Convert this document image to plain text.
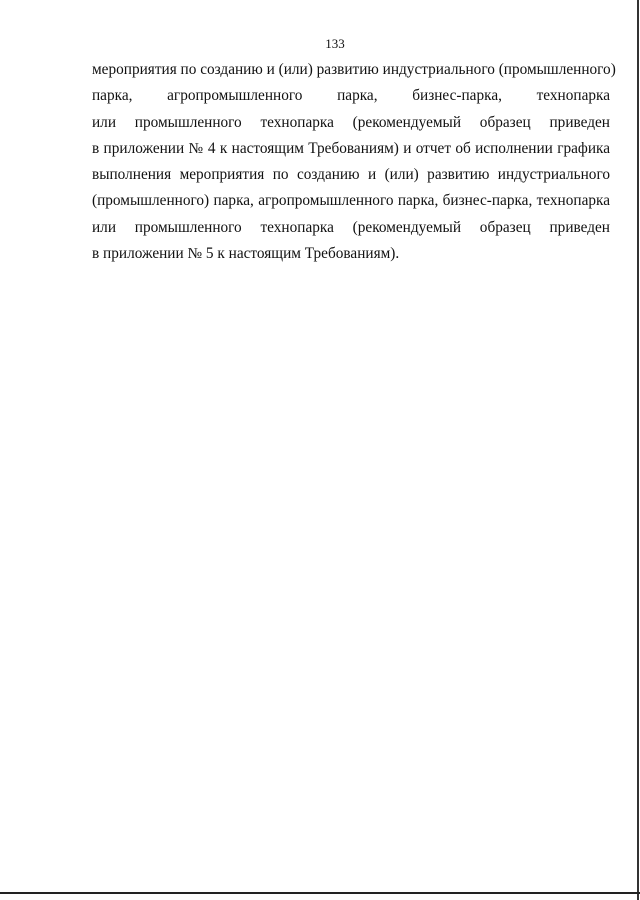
133
мероприятия по созданию и (или) развитию индустриального (промышленного)
парка, агропромышленного парка, бизнес-парка, технопарка
или промышленного технопарка (рекомендуемый образец приведен
в приложении № 4 к настоящим Требованиям) и отчет об исполнении графика
выполнения мероприятия по созданию и (или) развитию индустриального
(промышленного) парка, агропромышленного парка, бизнес-парка, технопарка
или промышленного технопарка (рекомендуемый образец приведен
в приложении № 5 к настоящим Требованиям).
